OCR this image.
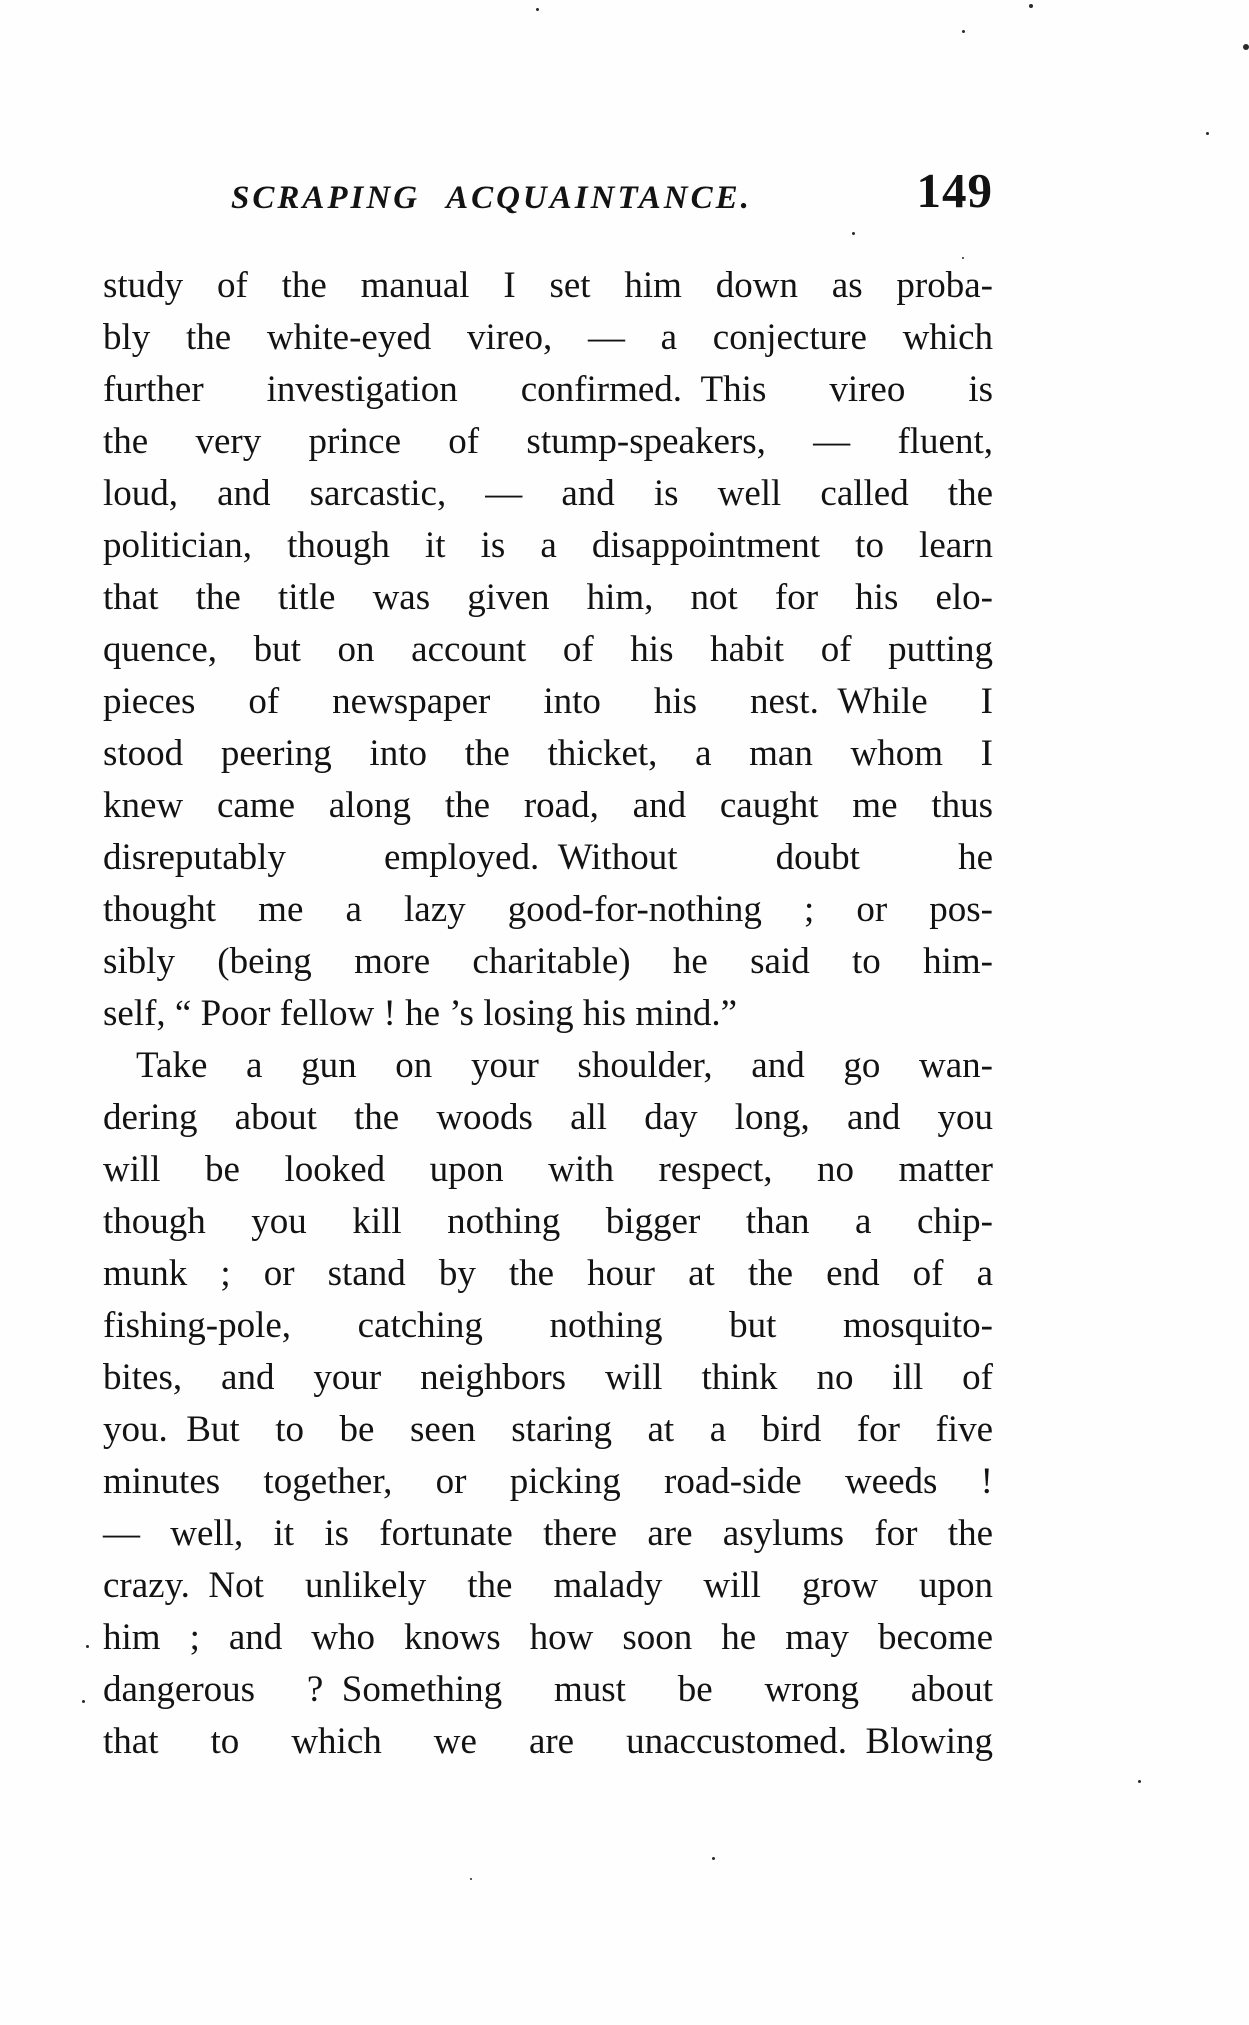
SCRAPING ACQUAINTANCE.	149
study of the manual I set him down as proba-
bly the white-eyed vireo, — a conjecture which
further investigation confirmed. This vireo is
the very prince of stump-speakers, — fluent,
loud, and sarcastic, — and is well called the
politician, though it is a disappointment to learn
that the title was given him, not for his elo-
quence, but on account of his habit of putting
pieces of newspaper into his nest. While I
stood peering into the thicket, a man whom I
knew came along the road, and caught me thus
disreputably employed. Without doubt he
thought me a lazy good-for-nothing ; or pos-
sibly (being more charitable) he said to him-
self, “ Poor fellow ! he ’s losing his mind.”
Take a gun on your shoulder, and go wan-
dering about the woods all day long, and you
will be looked upon with respect, no matter
though you kill nothing bigger than a chip-
munk ; or stand by the hour at the end of a
fishing-pole, catching nothing but mosquito-
bites, and your neighbors will think no ill of
you. But to be seen staring at a bird for five
minutes together, or picking road-side weeds !
— well, it is fortunate there are asylums for the
crazy. Not unlikely the malady will grow upon
him ; and who knows how soon he may become
dangerous ? Something must be wrong about
that to which we are unaccustomed. Blowing
